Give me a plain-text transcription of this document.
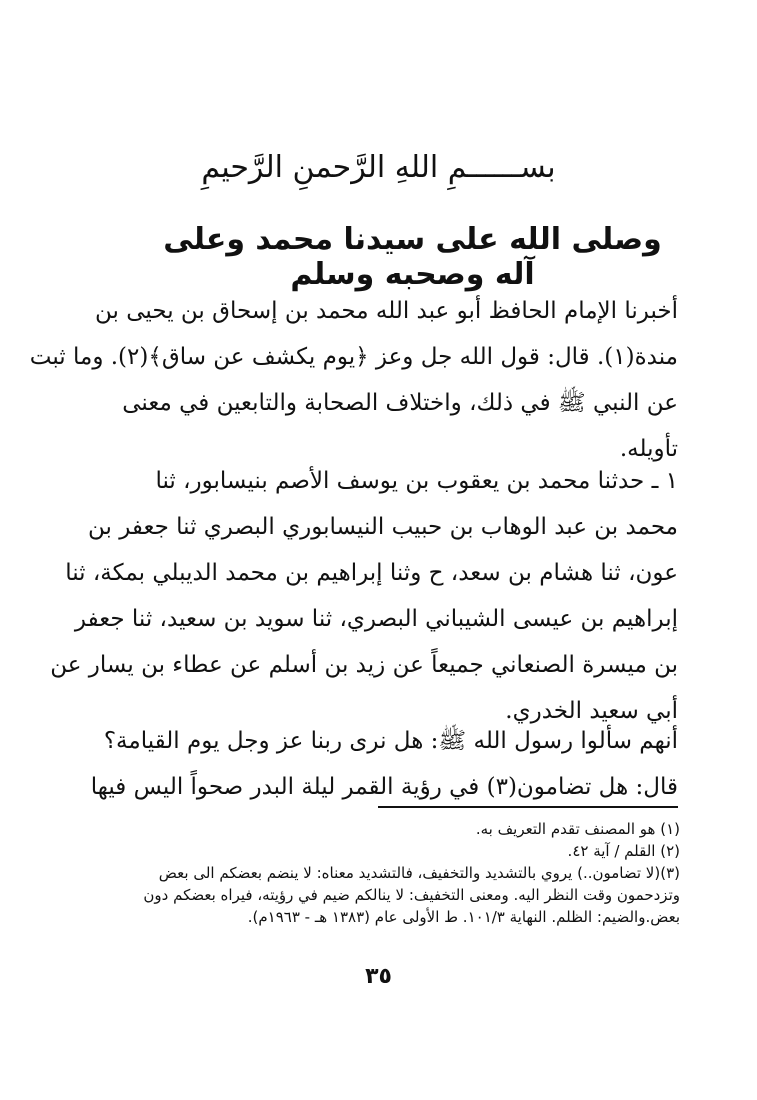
بســــــمِ اللهِ الرَّحمنِ الرَّحيمِ
وصلى الله على سيدنا محمد وعلى آله وصحبه وسلم
أخبرنا الإمام الحافظ أبو عبد الله محمد بن إسحاق بن يحيى بن
مندة(١). قال: قول الله جل وعز ﴿يوم يكشف عن ساق﴾(٢). وما ثبت
عن النبي ﷺ في ذلك، واختلاف الصحابة والتابعين في معنى
تأويله.
١ ـ حدثنا محمد بن يعقوب بن يوسف الأصم بنيسابور، ثنا
محمد بن عبد الوهاب بن حبيب النيسابوري البصري ثنا جعفر بن
عون، ثنا هشام بن سعد، ح وثنا إبراهيم بن محمد الديبلي بمكة، ثنا
إبراهيم بن عيسى الشيباني البصري، ثنا سويد بن سعيد، ثنا جعفر
بن ميسرة الصنعاني جميعاً عن زيد بن أسلم عن عطاء بن يسار عن
أبي سعيد الخدري.
أنهم سألوا رسول الله ﷺ: هل نرى ربنا عز وجل يوم القيامة؟
قال: هل تضامون(٣) في رؤية القمر ليلة البدر صحواً اليس فيها
(١) هو المصنف تقدم التعريف به.
(٢) القلم / آية ٤٢.
(٣)(لا تضامون..) يروي بالتشديد والتخفيف، فالتشديد معناه: لا ينضم بعضكم الى بعض
وتزدحمون وقت النظر اليه. ومعنى التخفيف: لا ينالكم ضيم في رؤيته، فيراه بعضكم دون
بعض.والضيم: الظلم. النهاية ١٠١/٣. ط الأولى عام (١٣٨٣ هـ - ١٩٦٣م).
٣٥
